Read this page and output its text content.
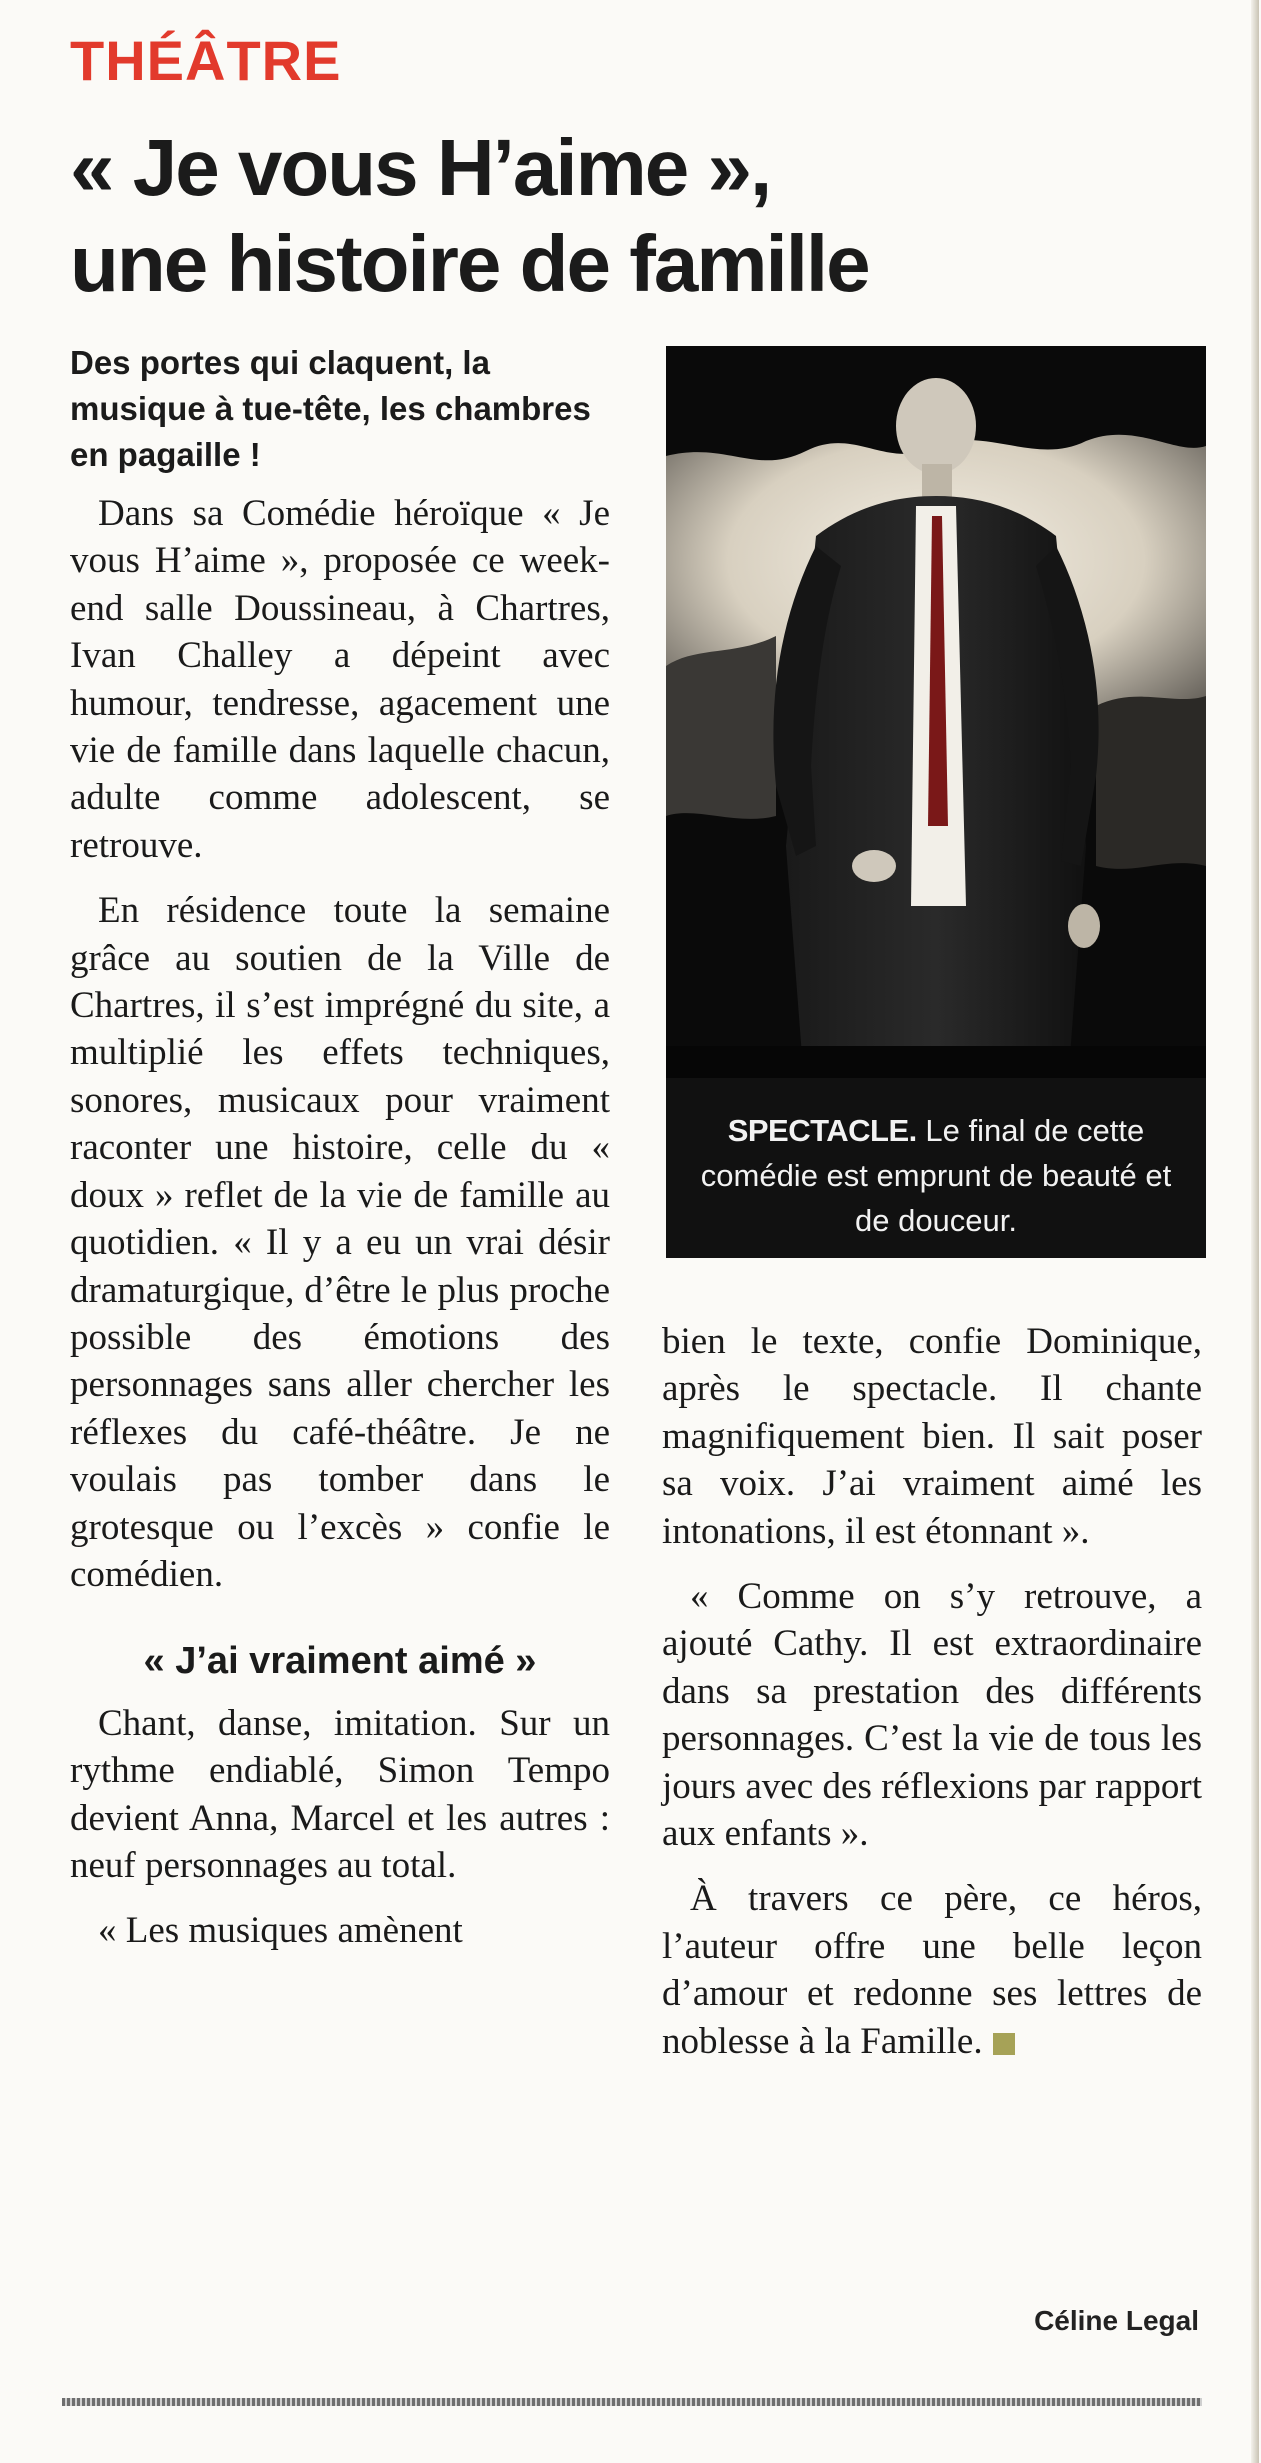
THÉÂTRE
« Je vous H’aime »,
une histoire de famille
Des portes qui claquent, la musique à tue-tête, les chambres en pagaille !

Dans sa Comédie héroïque « Je vous H’aime », proposée ce week-end salle Doussineau, à Chartres, Ivan Challey a dépeint avec humour, tendresse, agacement une vie de famille dans laquelle chacun, adulte comme adolescent, se retrouve.

En résidence toute la semaine grâce au soutien de la Ville de Chartres, il s’est imprégné du site, a multiplié les effets techniques, sonores, musicaux pour vraiment raconter une histoire, celle du « doux » reflet de la vie de famille au quotidien. « Il y a eu un vrai désir dramaturgique, d’être le plus proche possible des émotions des personnages sans aller chercher les réflexes du café-théâtre. Je ne voulais pas tomber dans le grotesque ou l’excès » confie le comédien.

« J’ai vraiment aimé »

Chant, danse, imitation. Sur un rythme endiablé, Simon Tempo devient Anna, Marcel et les autres : neuf personnages au total.

« Les musiques amènent

SPECTACLE. Le final de cette comédie est emprunt de beauté et de douceur.

bien le texte, confie Dominique, après le spectacle. Il chante magnifiquement bien. Il sait poser sa voix. J’ai vraiment aimé les intonations, il est étonnant ».

« Comme on s’y retrouve, a ajouté Cathy. Il est extraordinaire dans sa prestation des différents personnages. C’est la vie de tous les jours avec des réflexions par rapport aux enfants ».

À travers ce père, ce héros, l’auteur offre une belle leçon d’amour et redonne ses lettres de noblesse à la Famille.

Céline Legal
